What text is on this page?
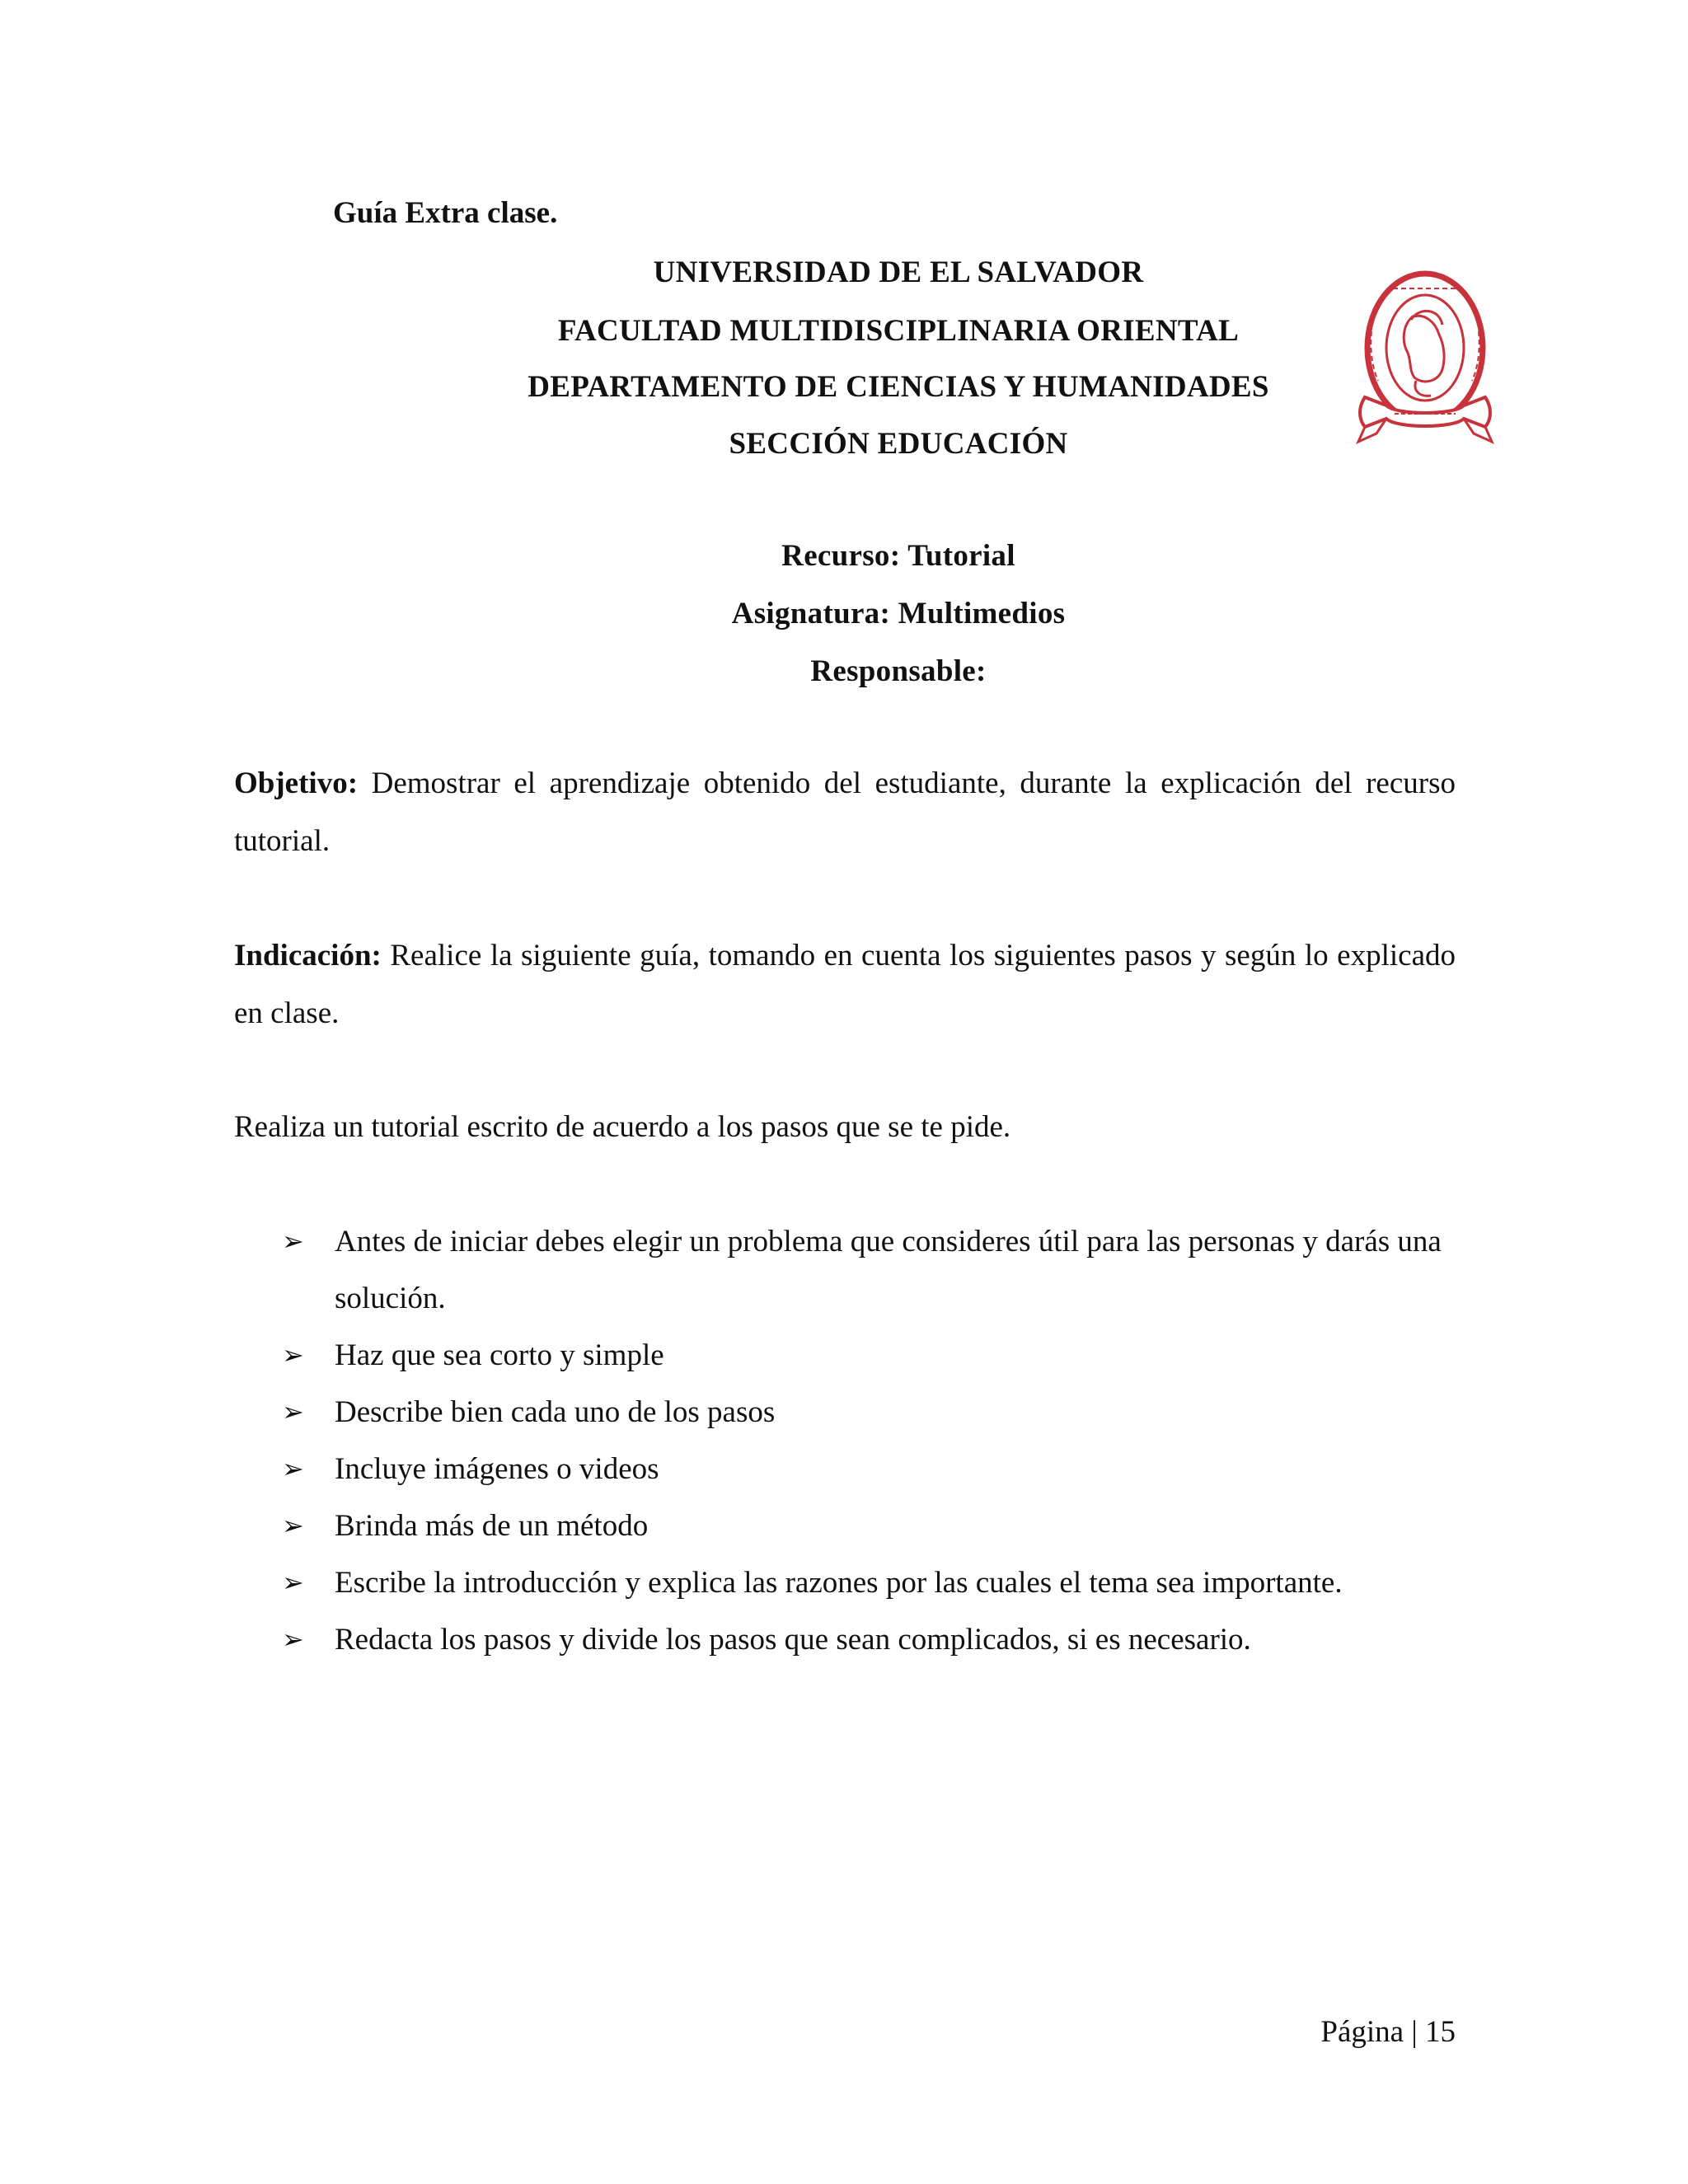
Guía Extra clase.
UNIVERSIDAD DE EL SALVADOR
FACULTAD MULTIDISCIPLINARIA ORIENTAL
DEPARTAMENTO DE CIENCIAS Y HUMANIDADES
SECCIÓN EDUCACIÓN
Recurso: Tutorial
Asignatura: Multimedios
Responsable:
Objetivo: Demostrar el aprendizaje obtenido del estudiante, durante la explicación del recurso tutorial.
Indicación: Realice la siguiente guía, tomando en cuenta los siguientes pasos y según lo explicado en clase.
Realiza un tutorial escrito de acuerdo a los pasos que se te pide.
➢ Antes de iniciar debes elegir un problema que consideres útil para las personas y darás una solución.
➢ Haz que sea corto y simple
➢ Describe bien cada uno de los pasos
➢ Incluye imágenes o videos
➢ Brinda más de un método
➢ Escribe la introducción y explica las razones por las cuales el tema sea importante.
➢ Redacta los pasos y divide los pasos que sean complicados, si es necesario.
Página | 15
